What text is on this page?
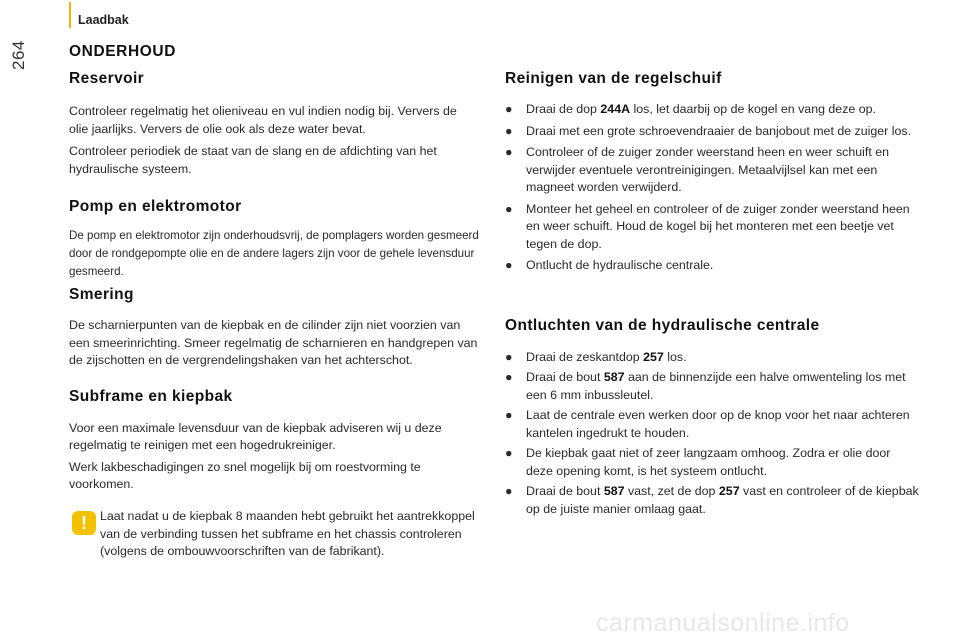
Laadbak
264	ONDERHOUD
Reservoir

Controleer regelmatig het olieniveau en vul indien nodig bij. Ververs de olie jaarlijks. Ververs de olie ook als deze water bevat.

Controleer periodiek de staat van de slang en de afdichting van het hydraulische systeem.

Pomp en elektromotor

De pomp en elektromotor zijn onderhoudsvrij, de pomplagers worden gesmeerd door de rondgepompte olie en de andere lagers zijn voor de gehele levensduur gesmeerd.

Smering

De scharnierpunten van de kiepbak en de cilinder zijn niet voorzien van een smeerinrichting. Smeer regelmatig de scharnieren en handgrepen van de zijschotten en de vergrendelingshaken van het achterschot.

Subframe en kiepbak

Voor een maximale levensduur van de kiepbak adviseren wij u deze regelmatig te reinigen met een hogedrukreiniger.

Werk lakbeschadigingen zo snel mogelijk bij om roestvorming te voorkomen.

!	Laat nadat u de kiepbak 8 maanden hebt gebruikt het aantrekkoppel van de verbinding tussen het subframe en het chassis controleren (volgens de ombouwvoorschriften van de fabrikant).
Reinigen van de regelschuif
● Draai de dop 244A los, let daarbij op de kogel en vang deze op.
● Draai met een grote schroevendraaier de banjobout met de zuiger los.
● Controleer of de zuiger zonder weerstand heen en weer schuift en verwijder eventuele verontreinigingen. Metaalvijlsel kan met een magneet worden verwijderd.
● Monteer het geheel en controleer of de zuiger zonder weerstand heen en weer schuift. Houd de kogel bij het monteren met een beetje vet tegen de dop.
● Ontlucht de hydraulische centrale.
Ontluchten van de hydraulische centrale
● Draai de zeskantdop 257 los.
● Draai de bout 587 aan de binnenzijde een halve omwenteling los met een 6 mm inbussleutel.
● Laat de centrale even werken door op de knop voor het naar achteren kantelen ingedrukt te houden.
● De kiepbak gaat niet of zeer langzaam omhoog. Zodra er olie door deze opening komt, is het systeem ontlucht.
● Draai de bout 587 vast, zet de dop 257 vast en controleer of de kiepbak op de juiste manier omlaag gaat.
carmanualsonline.info
